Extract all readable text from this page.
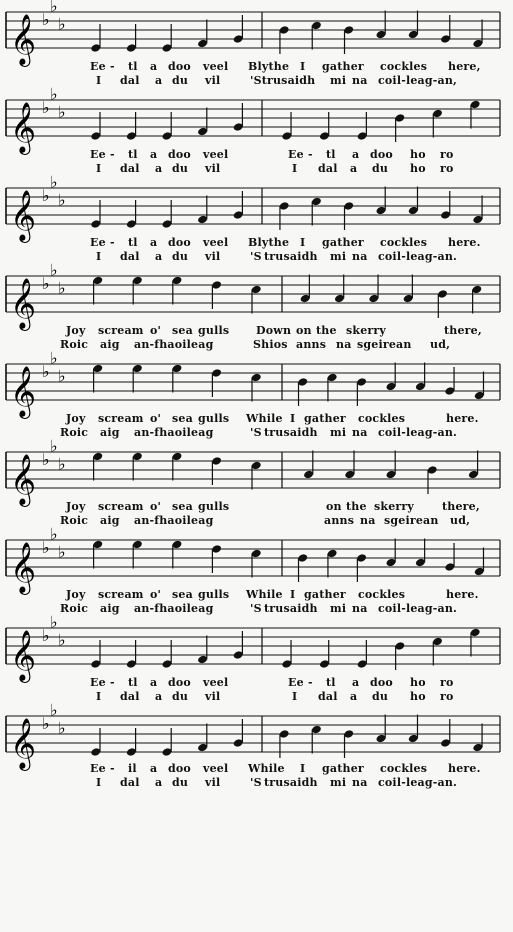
𝄞 ♭
♭
♭

Ee

-

tl

a

doo

veel

Blythe

I

gather

cockles

here,

I

dal

a

du

vil

	'Strusaidh

mi

na

coil-leag-an,

𝄞 ♭
♭
♭

Ee

-

tl

a

doo

veel

	Ee

-

tl

a

doo

ho

ro

I

dal

a

du

vil

	I

dal

a

du

ho

ro

𝄞 ♭
♭
♭

Ee

-

tl

a

doo

veel

Blythe

I

gather

cockles

here.

I

dal

a

du

vil

	'S

trusaidh

mi

na

coil-leag-an.

𝄞 ♭
♭
♭

Joy

scream

o'

sea

gulls

Down

on

the

skerry

	there,

Roic

aig

an-fhaoileag

	Shios

anns

na

sgeirean

ud,

𝄞 ♭
♭
♭

Joy

scream

o'

sea

gulls

While

I

gather

cockles

	here.

Roic

aig

an-fhaoileag

	'S

trusaidh

mi

na

coil-leag-an.

𝄞 ♭
♭
♭

Joy

scream

o'

sea

gulls

	on

the

skerry

	there,

Roic

aig

an-fhaoileag

	anns

na

sgeirean

ud,

𝄞 ♭
♭
♭

Joy

scream

o'

sea

gulls

While

I

gather

cockles

	here.

Roic

aig

an-fhaoileag

	'S

trusaidh

mi

na

coil-leag-an.

𝄞 ♭
♭
♭

Ee

-

tl

a

doo

veel

	Ee

-

tl

a

doo

ho

ro

I

dal

a

du

vil

	I

dal

a

du

ho

ro

𝄞 ♭
♭
♭

Ee

-

il

a

doo

veel

While

I

gather

cockles

here.

I

dal

a

du

vil

	'S

trusaidh

mi

na

coil-leag-an.
